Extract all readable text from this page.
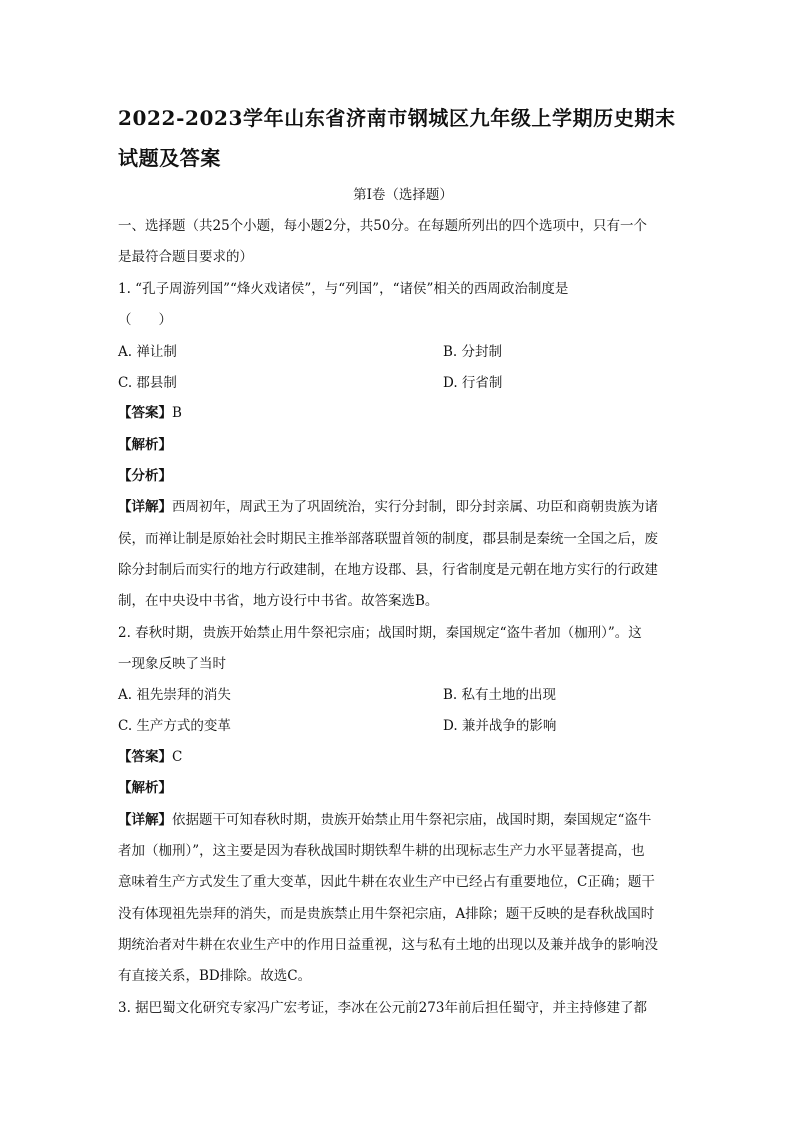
2022-2023学年山东省济南市钢城区九年级上学期历史期末
试题及答案
第Ⅰ卷（选择题）
一、选择题（共25个小题，每小题2分，共50分。在每题所列出的四个选项中，只有一个
是最符合题目要求的）
1. “孔子周游列国”“烽火戏诸侯”，与“列国”，“诸侯”相关的西周政治制度是
（　　）
A. 禅让制	B. 分封制
C. 郡县制	D. 行省制
【答案】B
【解析】
【分析】
【详解】西周初年，周武王为了巩固统治，实行分封制，即分封亲属、功臣和商朝贵族为诸
侯，而禅让制是原始社会时期民主推举部落联盟首领的制度，郡县制是秦统一全国之后，废
除分封制后而实行的地方行政建制，在地方设郡、县，行省制度是元朝在地方实行的行政建
制，在中央设中书省，地方设行中书省。故答案选B。
2. 春秋时期，贵族开始禁止用牛祭祀宗庙；战国时期，秦国规定“盗牛者加（枷刑）”。这
一现象反映了当时
A. 祖先崇拜的消失	B. 私有土地的出现
C. 生产方式的变革	D. 兼并战争的影响
【答案】C
【解析】
【详解】依据题干可知春秋时期，贵族开始禁止用牛祭祀宗庙，战国时期，秦国规定“盗牛
者加（枷刑）”，这主要是因为春秋战国时期铁犁牛耕的出现标志生产力水平显著提高，也
意味着生产方式发生了重大变革，因此牛耕在农业生产中已经占有重要地位，C正确；题干
没有体现祖先崇拜的消失，而是贵族禁止用牛祭祀宗庙，A排除；题干反映的是春秋战国时
期统治者对牛耕在农业生产中的作用日益重视，这与私有土地的出现以及兼并战争的影响没
有直接关系，BD排除。故选C。
3. 据巴蜀文化研究专家冯广宏考证，李冰在公元前273年前后担任蜀守，并主持修建了都
